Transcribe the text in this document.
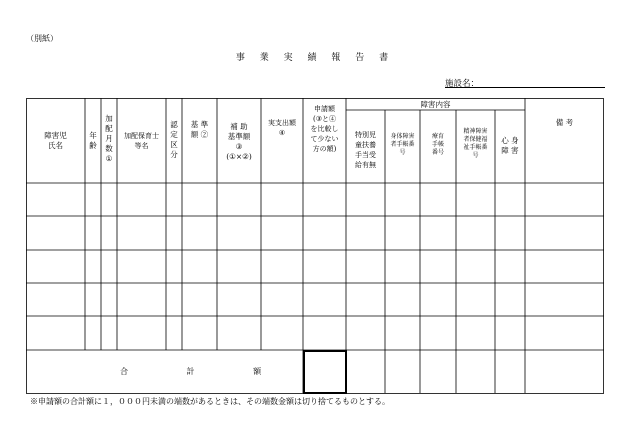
（別紙）
事 業 実 績 報 告 書
施設名：
障害児
氏名
年
齢
加
配
月
数
①
加配保育士
等名
認
定
区
分
基 準
額 ②
補 助
基準額
③
(①×②)
実支出額
④
申請額
(③と④
を比較し
て少ない
方の額)
障害内容
特別児
童扶養
手当受
給有無
身体障害
者手帳番
号
療育
手帳
番号
精神障害
者保健福
祉手帳番
号
心 身
障 害
備 考
合 計 額
※申請額の合計額に１，０００円未満の端数があるときは、その端数金額は切り捨てるものとする。
